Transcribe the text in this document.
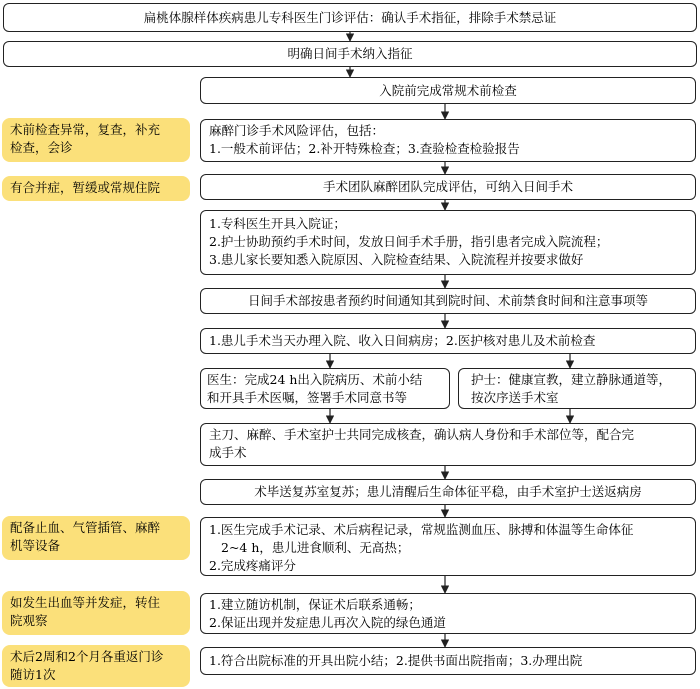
扁桃体腺样体疾病患儿专科医生门诊评估：确认手术指征，排除手术禁忌证
明确日间手术纳入指征
入院前完成常规术前检查
麻醉门诊手术风险评估，包括：
1.一般术前评估；2.补开特殊检查；3.查验检查检验报告
手术团队麻醉团队完成评估，可纳入日间手术
1.专科医生开具入院证；
2.护士协助预约手术时间，发放日间手术手册，指引患者完成入院流程；
3.患儿家长要知悉入院原因、入院检查结果、入院流程并按要求做好
日间手术部按患者预约时间通知其到院时间、术前禁食时间和注意事项等
1.患儿手术当天办理入院、收入日间病房；2.医护核对患儿及术前检查
医生：完成24 h出入院病历、术前小结
和开具手术医嘱，签署手术同意书等
护士：健康宣教，建立静脉通道等，
按次序送手术室
主刀、麻醉、手术室护士共同完成核查，确认病人身份和手术部位等，配合完
成手术
术毕送复苏室复苏；患儿清醒后生命体征平稳，由手术室护士送返病房
1.医生完成手术记录、术后病程记录，常规监测血压、脉搏和体温等生命体征
2~4 h，患儿进食顺利、无高热；
2.完成疼痛评分
1.建立随访机制，保证术后联系通畅；
2.保证出现并发症患儿再次入院的绿色通道
1.符合出院标准的开具出院小结；2.提供书面出院指南；3.办理出院
术前检查异常，复查，补充
检查，会诊
有合并症，暂缓或常规住院
配备止血、气管插管、麻醉
机等设备
如发生出血等并发症，转住
院观察
术后2周和2个月各重返门诊
随访1次
